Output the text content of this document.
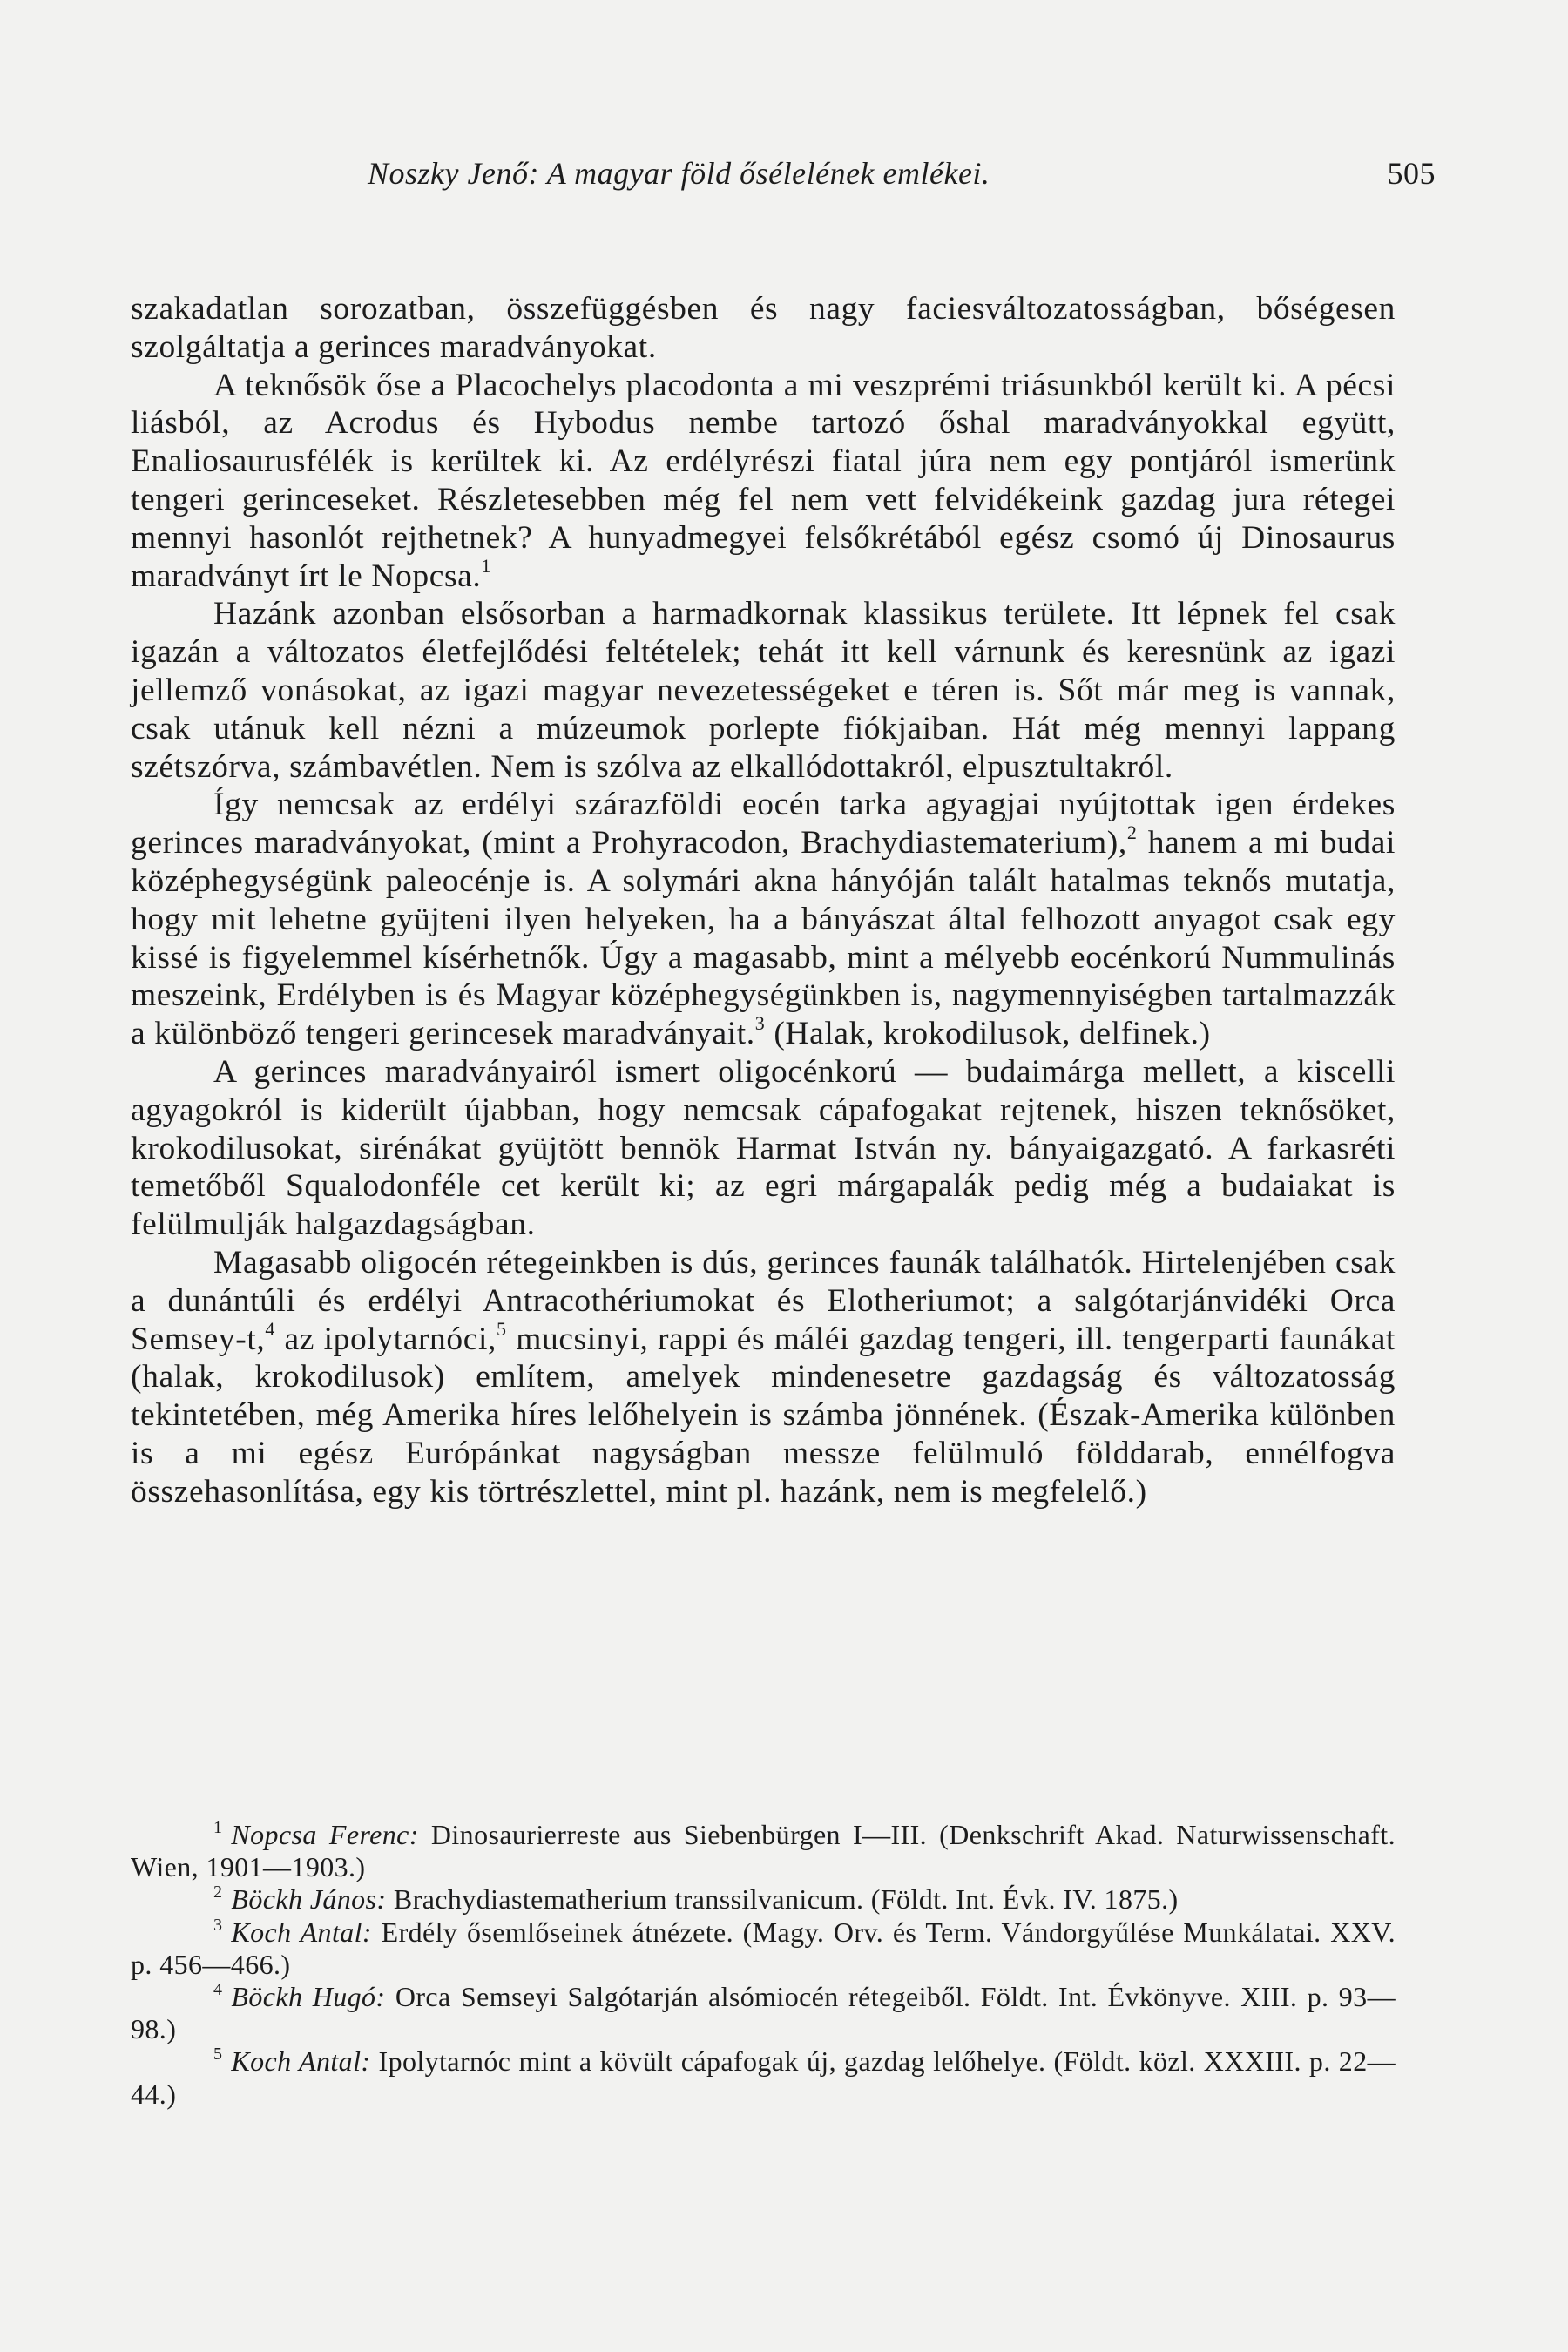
Noszky Jenő: A magyar föld ősélelének emlékei.	505

szakadatlan sorozatban, összefüggésben és nagy faciesváltozatosságban, bőségesen szolgáltatja a gerinces maradványokat.

A teknősök őse a Placochelys placodonta a mi veszprémi triásunkból került ki. A pécsi liásból, az Acrodus és Hybodus nembe tartozó őshal maradványokkal együtt, Enaliosaurusfélék is kerültek ki. Az erdélyrészi fiatal júra nem egy pontjáról ismerünk tengeri gerinceseket. Részletesebben még fel nem vett felvidékeink gazdag jura rétegei mennyi hasonlót rejthetnek? A hunyadmegyei felsőkrétából egész csomó új Dinosaurus maradványt írt le Nopcsa.$^1$

Hazánk azonban elsősorban a harmadkornak klassikus területe. Itt lépnek fel csak igazán a változatos életfejlődési feltételek; tehát itt kell várnunk és keresnünk az igazi jellemző vonásokat, az igazi magyar nevezetességeket e téren is. Sőt már meg is vannak, csak utánuk kell nézni a múzeumok porlepte fiókjaiban. Hát még mennyi lappang szétszórva, számbavétlen. Nem is szólva az elkallódottakról, elpusztultakról.

Így nemcsak az erdélyi szárazföldi eocén tarka agyagjai nyújtottak igen érdekes gerinces maradványokat, (mint a Prohyracodon, Brachydiastematerium),$^2$ hanem a mi budai középhegységünk paleocénje is. A solymári akna hányóján talált hatalmas teknős mutatja, hogy mit lehetne gyüjteni ilyen helyeken, ha a bányászat által felhozott anyagot csak egy kissé is figyelemmel kísérhetnők. Úgy a magasabb, mint a mélyebb eocénkorú Nummulinás meszeink, Erdélyben is és Magyar középhegységünkben is, nagymennyiségben tartalmazzák a különböző tengeri gerincesek maradványait.$^3$ (Halak, krokodilusok, delfinek.)

A gerinces maradványairól ismert oligocénkorú — budaimárga mellett, a kiscelli agyagokról is kiderült újabban, hogy nemcsak cápafogakat rejtenek, hiszen teknősöket, krokodilusokat, sirénákat gyüjtött bennök Harmat István ny. bányaigazgató. A farkasréti temetőből Squalodonféle cet került ki; az egri márgapalák pedig még a budaiakat is felülmulják halgazdagságban.

Magasabb oligocén rétegeinkben is dús, gerinces faunák találhatók. Hirtelenjében csak a dunántúli és erdélyi Antracothériumokat és Elotheriumot; a salgótarjánvidéki Orca Semsey-t,$^4$ az ipolytarnóci,$^5$ mucsinyi, rappi és máléi gazdag tengeri, ill. tengerparti faunákat (halak, krokodilusok) említem, amelyek mindenesetre gazdagság és változatosság tekintetében, még Amerika híres lelőhelyein is számba jönnének. (Észak-Amerika különben is a mi egész Európánkat nagyságban messze felülmuló földdarab, ennélfogva összehasonlítása, egy kis törtrészlettel, mint pl. hazánk, nem is megfelelő.)

$^1$ Nopcsa Ferenc: Dinosaurierreste aus Siebenbürgen I—III. (Denkschrift Akad. Naturwissenschaft. Wien, 1901—1903.)

$^2$ Böckh János: Brachydiastematherium transsilvanicum. (Földt. Int. Évk. IV. 1875.)

$^3$ Koch Antal: Erdély ősemlőseinek átnézete. (Magy. Orv. és Term. Vándorgyűlése Munkálatai. XXV. p. 456—466.)

$^4$ Böckh Hugó: Orca Semseyi Salgótarján alsómiocén rétegeiből. Földt. Int. Évkönyve. XIII. p. 93—98.)

$^5$ Koch Antal: Ipolytarnóc mint a kövült cápafogak új, gazdag lelőhelye. (Földt. közl. XXXIII. p. 22—44.)
